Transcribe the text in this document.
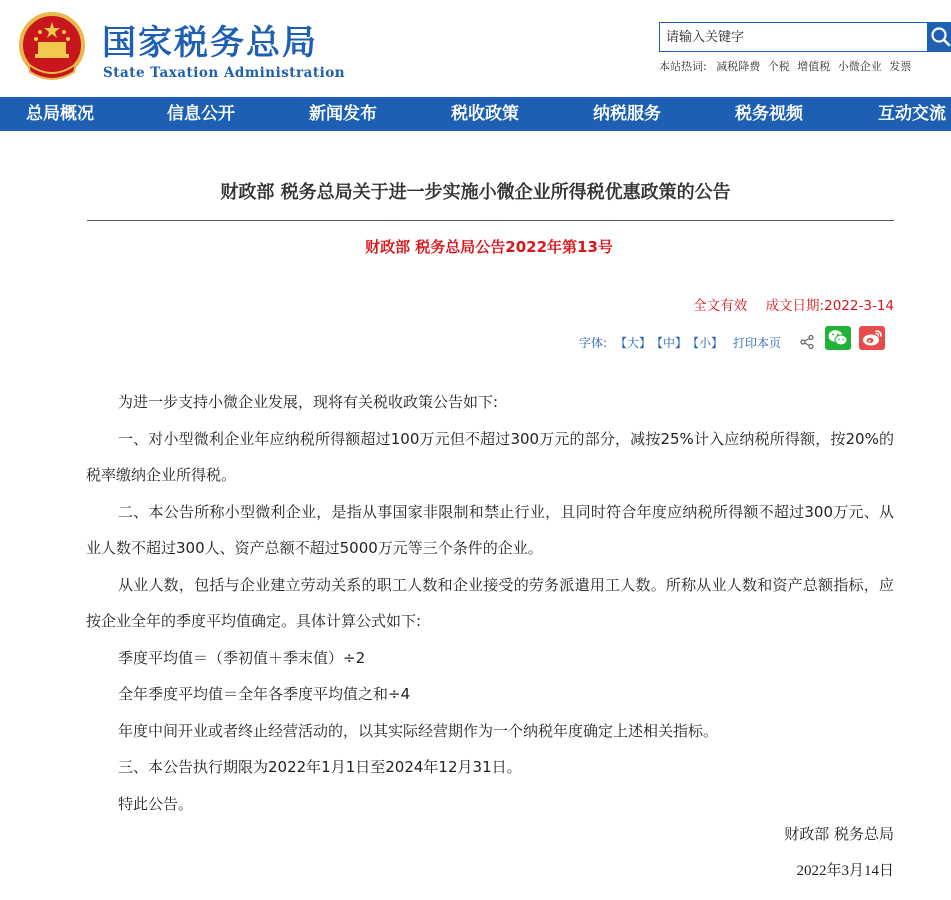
国家税务总局
State Taxation Administration
请输入关键字	本站热词: 减税降费 个税 增值税 小微企业 发票
总局概况	信息公开	新闻发布	税收政策	纳税服务	税务视频	互动交流
财政部 税务总局关于进一步实施小微企业所得税优惠政策的公告
财政部 税务总局公告2022年第13号
全文有效 成文日期:2022-3-14
字体: 【大】 【中】 【小】 打印本页

为进一步支持小微企业发展，现将有关税收政策公告如下:

一、对小型微利企业年应纳税所得额超过100万元但不超过300万元的部分，减按25%计入应纳税所得额，按20%的税率缴纳企业所得税。

二、本公告所称小型微利企业，是指从事国家非限制和禁止行业，且同时符合年度应纳税所得额不超过300万元、从业人数不超过300人、资产总额不超过5000万元等三个条件的企业。

从业人数，包括与企业建立劳动关系的职工人数和企业接受的劳务派遣用工人数。所称从业人数和资产总额指标，应按企业全年的季度平均值确定。具体计算公式如下:

季度平均值＝（季初值＋季末值）÷2

全年季度平均值＝全年各季度平均值之和÷4

年度中间开业或者终止经营活动的，以其实际经营期作为一个纳税年度确定上述相关指标。

三、本公告执行期限为2022年1月1日至2024年12月31日。

特此公告。

财政部 税务总局
2022年3月14日
